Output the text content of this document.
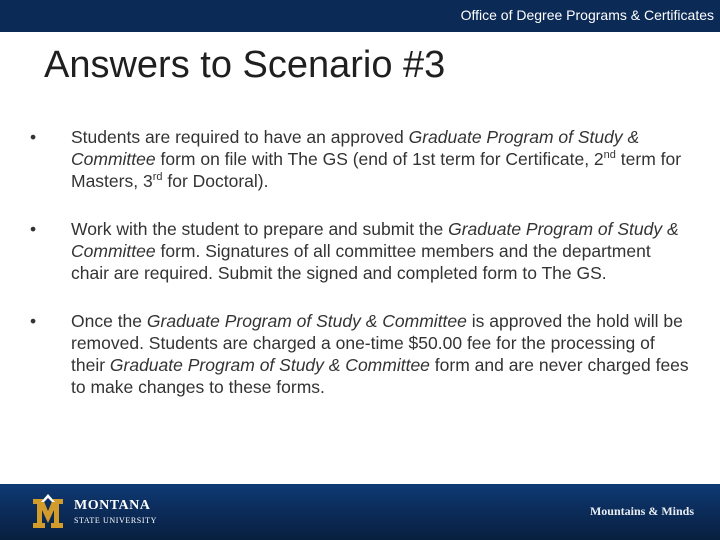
Office of Degree Programs & Certificates
Answers to Scenario #3
•	Students are required to have an approved Graduate Program of Study & Committee form on file with The GS (end of 1st term for Certificate, 2nd term for Masters, 3rd for Doctoral).
•	Work with the student to prepare and submit the Graduate Program of Study & Committee form. Signatures of all committee members and the department chair are required. Submit the signed and completed form to The GS.
•	Once the Graduate Program of Study & Committee is approved the hold will be removed. Students are charged a one-time $50.00 fee for the processing of their Graduate Program of Study & Committee form and are never charged fees to make changes to these forms.
MONTANA
STATE UNIVERSITY
Mountains & Minds
